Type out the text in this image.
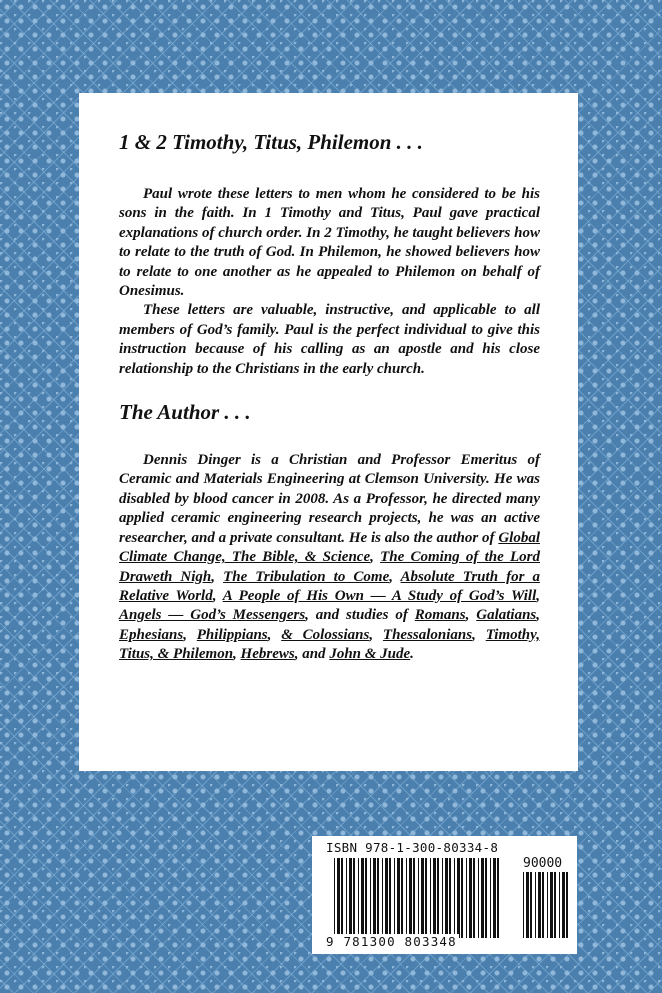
1 & 2 Timothy, Titus, Philemon . . .

Paul wrote these letters to men whom he considered to be his sons in the faith. In 1 Timothy and Titus, Paul gave practical explanations of church order. In 2 Timothy, he taught believers how to relate to the truth of God. In Philemon, he showed believers how to relate to one another as he appealed to Philemon on behalf of Onesimus.

These letters are valuable, instructive, and applicable to all members of God’s family. Paul is the perfect individual to give this instruction because of his calling as an apostle and his close relationship to the Christians in the early church.

The Author . . .

Dennis Dinger is a Christian and Professor Emeritus of Ceramic and Materials Engineering at Clemson University. He was disabled by blood cancer in 2008. As a Professor, he directed many applied ceramic engineering research projects, he was an active researcher, and a private consultant. He is also the author of Global Climate Change, The Bible, & Science, The Coming of the Lord Draweth Nigh, The Tribulation to Come, Absolute Truth for a Relative World, A People of His Own — A Study of God’s Will, Angels — God’s Messengers, and studies of Romans, Galatians, Ephesians, Philippians, & Colossians, Thessalonians, Timothy, Titus, & Philemon, Hebrews, and John & Jude.

ISBN 978-1-300-80334-8
90000
9 781300 803348
